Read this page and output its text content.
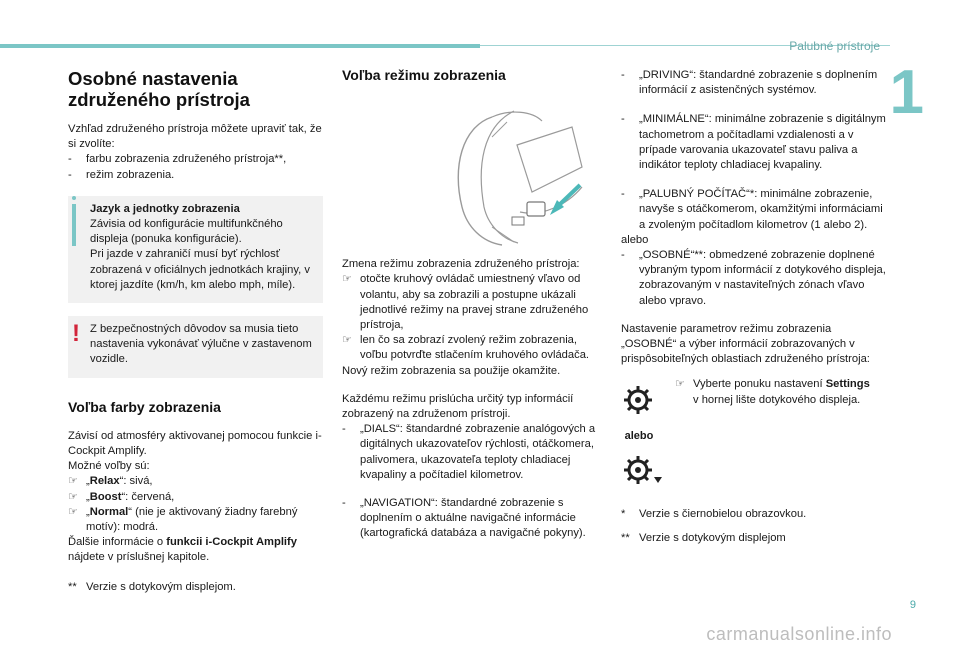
Palubné prístroje
1
Osobné nastavenia združeného prístroja

Vzhľad združeného prístroja môžete upraviť tak, že si zvolíte:

- farbu zobrazenia združeného prístroja**,
- režim zobrazenia.

Jazyk a jednotky zobrazenia

Závisia od konfigurácie multifunkčného displeja (ponuka konfigurácie).

Pri jazde v zahraničí musí byť rýchlosť zobrazená v oficiálnych jednotkách krajiny, v ktorej jazdíte (km/h, km alebo mph, míle).

! Z bezpečnostných dôvodov sa musia tieto nastavenia vykonávať výlučne v zastavenom vozidle.

Voľba farby zobrazenia

Závisí od atmosféry aktivovanej pomocou funkcie i-Cockpit Amplify.

Možné voľby sú:

☞ „Relax“: sivá,
☞ „Boost“: červená,
☞ „Normal“ (nie je aktivovaný žiadny farebný motív): modrá.

Ďalšie informácie o funkcii i-Cockpit Amplify nájdete v príslušnej kapitole.

** Verzie s dotykovým displejom.

Voľba režimu zobrazenia

Zmena režimu zobrazenia združeného prístroja:

☞ otočte kruhový ovládač umiestnený vľavo od volantu, aby sa zobrazili a postupne ukázali jednotlivé režimy na pravej strane združeného prístroja,
☞ len čo sa zobrazí zvolený režim zobrazenia, voľbu potvrďte stlačením kruhového ovládača.

Nový režim zobrazenia sa použije okamžite.

Každému režimu prislúcha určitý typ informácií zobrazený na združenom prístroji.

- „DIALS“: štandardné zobrazenie analógových a digitálnych ukazovateľov rýchlosti, otáčkomera, palivomera, ukazovateľa teploty chladiacej kvapaliny a počítadiel kilometrov.
- „NAVIGATION“: štandardné zobrazenie s doplnením o aktuálne navigačné informácie (kartografická databáza a navigačné pokyny).
- „DRIVING“: štandardné zobrazenie s doplnením informácií z asistenčných systémov.
- „MINIMÁLNE“: minimálne zobrazenie s digitálnym tachometrom a počítadlami vzdialenosti a v prípade varovania ukazovateľ stavu paliva a indikátor teploty chladiacej kvapaliny.
- „PALUBNÝ POČÍTAČ“*: minimálne zobrazenie, navyše s otáčkomerom, okamžitými informáciami a zvoleným počítadlom kilometrov (1 alebo 2).

alebo

- „OSOBNÉ“**: obmedzené zobrazenie doplnené vybraným typom informácií z dotykového displeja, zobrazovaným v nastaviteľných zónach vľavo alebo vpravo.

Nastavenie parametrov režimu zobrazenia „OSOBNÉ“ a výber informácií zobrazovaných v prispôsobiteľných oblastiach združeného prístroja:

alebo
☞ Vyberte ponuku nastavení Settings v hornej lište dotykového displeja.

* Verzie s čiernobielou obrazovkou.

** Verzie s dotykovým displejom

9
carmanualsonline.info
